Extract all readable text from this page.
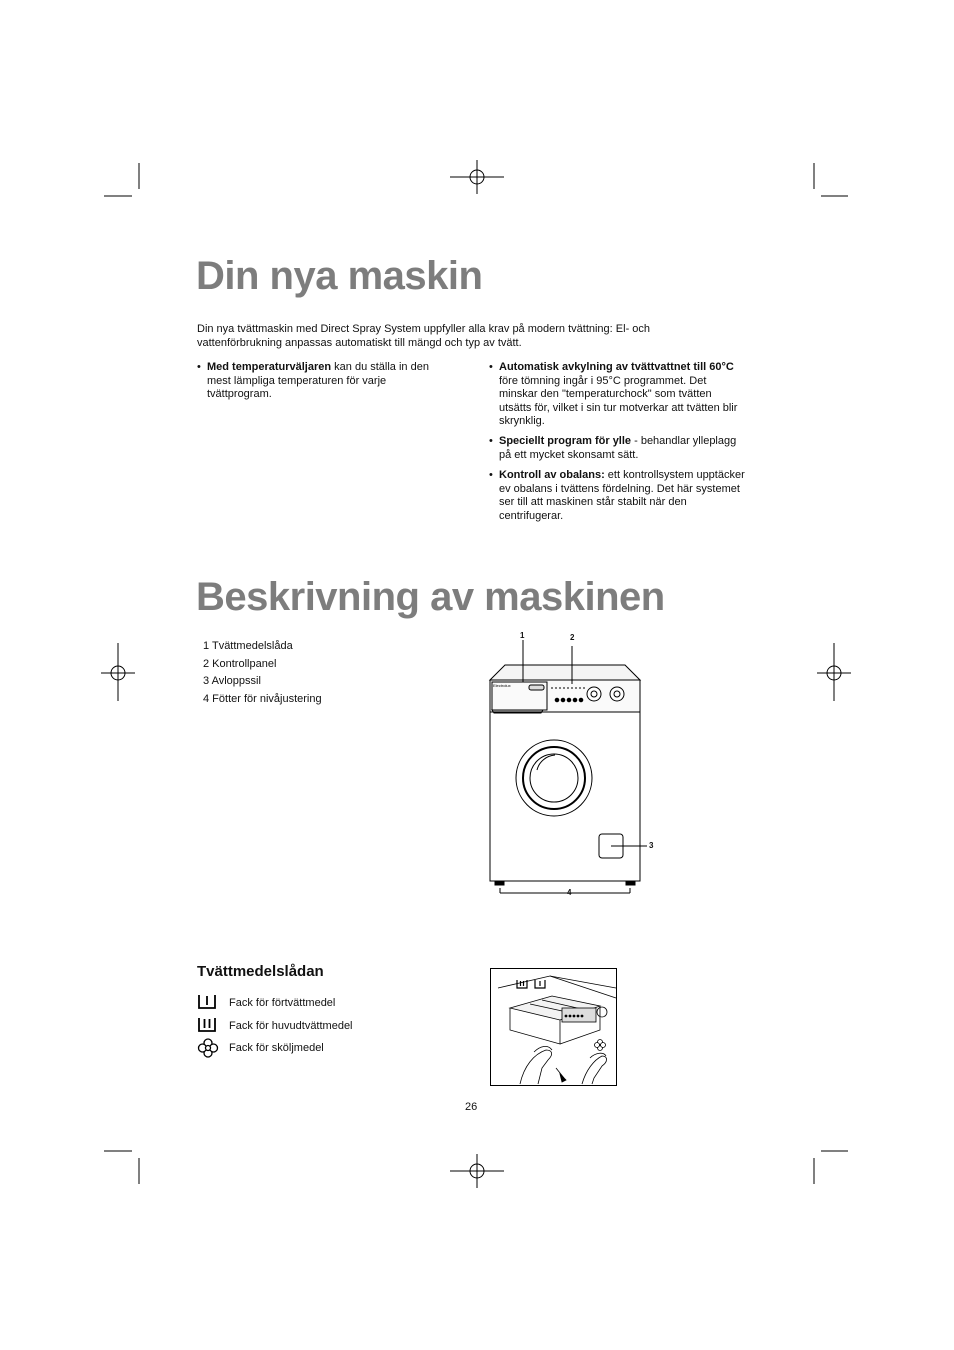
Din nya maskin

Din nya tvättmaskin med Direct Spray System uppfyller alla krav på modern tvättning: El- och

vattenförbrukning anpassas automatiskt till mängd och typ av tvätt.

• Med temperaturväljaren kan du ställa in den
mest lämpliga temperaturen för varje
tvättprogram.
• Automatisk avkylning av tvättvattnet till 60°C
före tömning ingår i 95°C programmet. Det
minskar den "temperaturchock" som tvätten
utsätts för, vilket i sin tur motverkar att tvätten blir
skrynklig.
• Speciellt program för ylle - behandlar ylleplagg
på ett mycket skonsamt sätt.
• Kontroll av obalans: ett kontrollsystem upptäcker
ev obalans i tvättens fördelning. Det här systemet
ser till att maskinen står stabilt när den
centrifugerar.
Beskrivning av maskinen
1 Tvättmedelslåda
2 Kontrollpanel
3 Avloppssil
4 Fötter för nivåjustering
Electrolux
1	2
3
4
Tvättmedelslådan
Fack för förtvättmedel
Fack för huvudtvättmedel
Fack för sköljmedel
26
